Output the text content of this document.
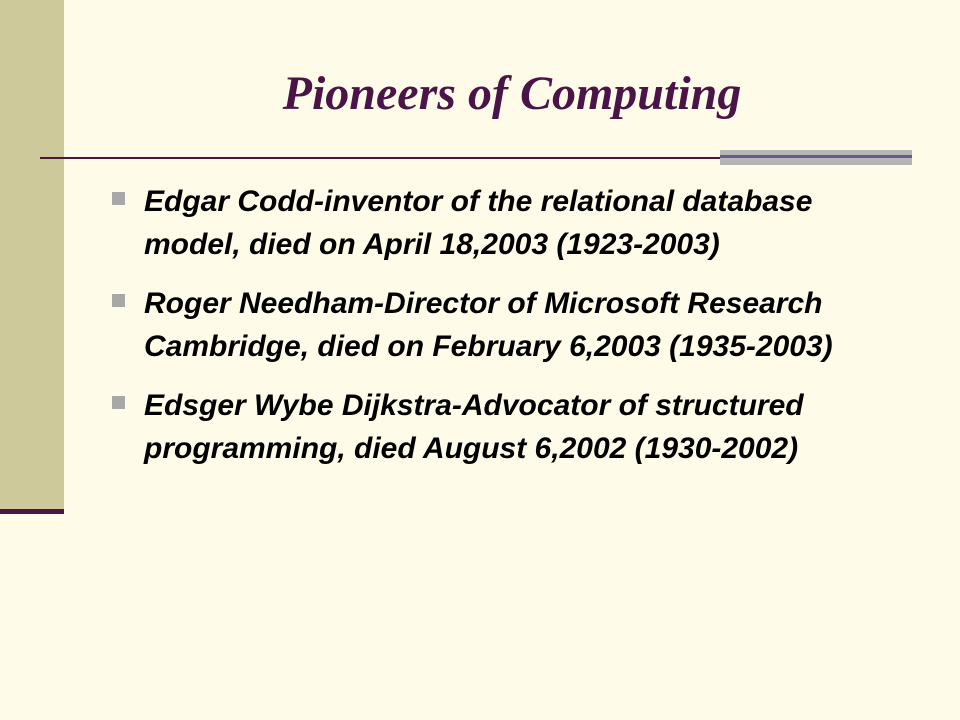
Pioneers of Computing
Edgar Codd-inventor of the relational database model, died on April 18,2003 (1923-2003)
Roger Needham-Director of Microsoft Research Cambridge, died on February 6,2003 (1935-2003)
Edsger Wybe Dijkstra-Advocator of structured programming, died August 6,2002 (1930-2002)
